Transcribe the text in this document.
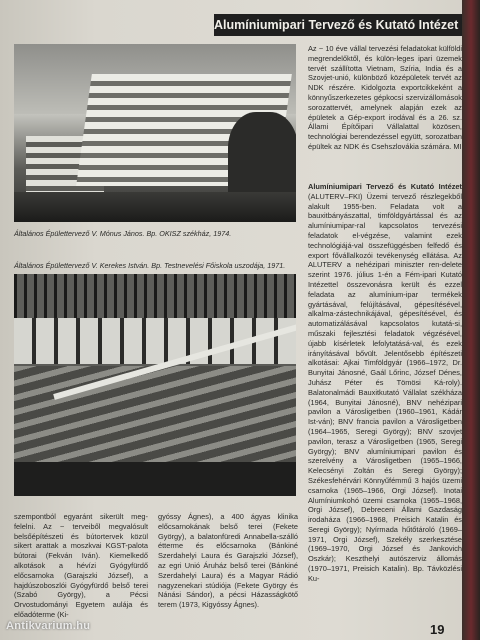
Alumíniumipari Tervező és Kutató Intézet
Általános Épülettervező V. Mónus János. Bp. OKISZ székház, 1974.
Általános Épülettervező V. Kerekes István. Bp. Testnevelési Főiskola uszodája, 1971.
Az ~ 10 éve vállal tervezési feladatokat külföldi megrendelőktől, és külön-leges ipari üzemek tervét szállította Vietnam, Szíria, India és a Szovjet-unió, különböző középületek tervét az NDK részére. Kidolgozta exportcikkeként a könnyűszerkezetes gépkocsi szervizállomások sorozattervét, amelynek alapján ezek az épületek a Gép-export irodával és a 26. sz. Állami Építőipari Vállalattal közösen, technológiai berendezéssel együtt, sorozatban épültek az NDK és Csehszlovákia számára. MI
Alumíniumipari Tervező és Kutató Intézet (ALUTERV–FKI) Üzemi tervező részlegekből alakult 1955-ben. Feladata volt a bauxitbányászattal, timföldgyártással és az alumíniumipar-ral kapcsolatos tervezési feladatok el-végzése, valamint ezek technológiájá-val összefüggésben felfedő és export fővállalkozói tevékenység ellátása. Az ALUTERV a nehézipari miniszter ren-delete szerint 1976. július 1-én a Fém-ipari Kutató Intézettel összevonásra került és ezzel feladata az alumínium-ipar termékek gyártásával, felújításával, gépesítésével, alkalma-zástechnikájával, gépesítésével, és automatizálásával kapcsolatos kutatá-si, műszaki fejlesztési feladatok végzésével, újabb kísérletek lefolytatásá-val, és ezek irányításával bővült. Jelentősebb építészeti alkotásai: Ajkai Timföldgyár (1966–1972, Dr. Bunyitai Jánosné, Gaál Lőrinc, József Dénes, Juhász Péter és Tömösi Ká-roly). Balatonalmádi Bauxitkutató Vállalat székháza (1964, Bunyitai Jánosné), BNV nehézipari pavilon a Városligetben (1960–1961, Kádár Ist-ván); BNV francia pavilon a Városligetben (1964–1965, Seregi György); BNV szovjet pavilon, terasz a Városligetben (1965, Seregi György); BNV alumíniumipari pavilon és szerelvény a Városligetben (1965–1966, Kelecsényi Zoltán és Seregi György); Székesfehérvári Könnyűfémmű 3 hajós üzemi csarnoka (1965–1966, Orgi József). Inotai Alumíniumkohó üzemi csarnoka (1965–1968, Orgi József), Debreceni Állami Gazdaság irodaháza (1966–1968, Preisich Katalin és Seregi György); Nyírmada hűtőtároló (1969–1971, Orgi József), Szekély szerkesztése (1969–1970, Orgi József és Jankovich Oszkár); Keszthelyi autószerviz állomás (1970–1971, Preisich Katalin). Bp. Távközlési Ku-
szempontból egyaránt sikerült meg-felelni. Az ~ terveiből megvalósult belsőépítészeti és bútortervek közül sikert arattak a moszkvai KGST-palota bútorai (Fekván Iván). Kiemelkedő alkotások a hévízi Gyógyfürdő előcsarnoka (Garajszki József), a hajdúszoboszlói Gyógyfürdő belső terei (Szabó György), a Pécsi Orvostudományi Egyetem aulája és előadóterme (Ki-
gyóssy Ágnes), a 400 ágyas klinika előcsarnokának belső terei (Fekete György), a balatonfüredi Annabella-szálló étterme és előcsarnoka (Bánkiné Szerdahelyi Laura és Garajszki József), az egri Unió Áruház belső terei (Bánkiné Szerdahelyi Laura) és a Magyar Rádió nagyzenekari stúdiója (Fekete György és Nánási Sándor), a pécsi Házasságkötő terem (1973, Kigyóssy Ágnes).
19
Antikvarium.hu
